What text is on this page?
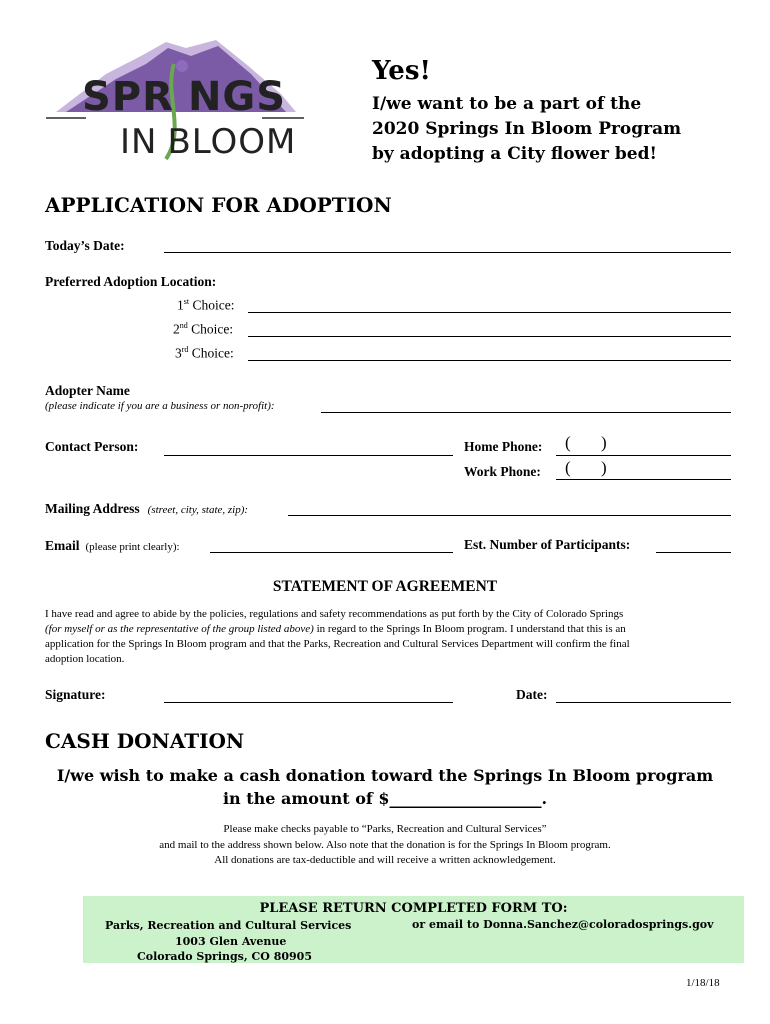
SPR NGS
IN BLOOM
Yes!
I/we want to be a part of the
2020 Springs In Bloom Program
by adopting a City flower bed!
APPLICATION FOR ADOPTION
Today’s Date:
Preferred Adoption Location:
1st Choice:
2nd Choice:
3rd Choice:
Adopter Name
(please indicate if you are a business or non-profit):
Contact Person:	Home Phone: ( )
Work Phone: ( )
Mailing Address (street, city, state, zip):
Email (please print clearly):	Est. Number of Participants:
STATEMENT OF AGREEMENT
I have read and agree to abide by the policies, regulations and safety recommendations as put forth by the City of Colorado Springs
(for myself or as the representative of the group listed above) in regard to the Springs In Bloom program. I understand that this is an
application for the Springs In Bloom program and that the Parks, Recreation and Cultural Services Department will confirm the final
adoption location.
Signature:	Date:
CASH DONATION
I/we wish to make a cash donation toward the Springs In Bloom program
in the amount of $___________________.
Please make checks payable to “Parks, Recreation and Cultural Services”
and mail to the address shown below. Also note that the donation is for the Springs In Bloom program.
All donations are tax-deductible and will receive a written acknowledgement.
PLEASE RETURN COMPLETED FORM TO:
Parks, Recreation and Cultural Services
1003 Glen Avenue
Colorado Springs, CO 80905
or email to Donna.Sanchez@coloradosprings.gov
1/18/18
